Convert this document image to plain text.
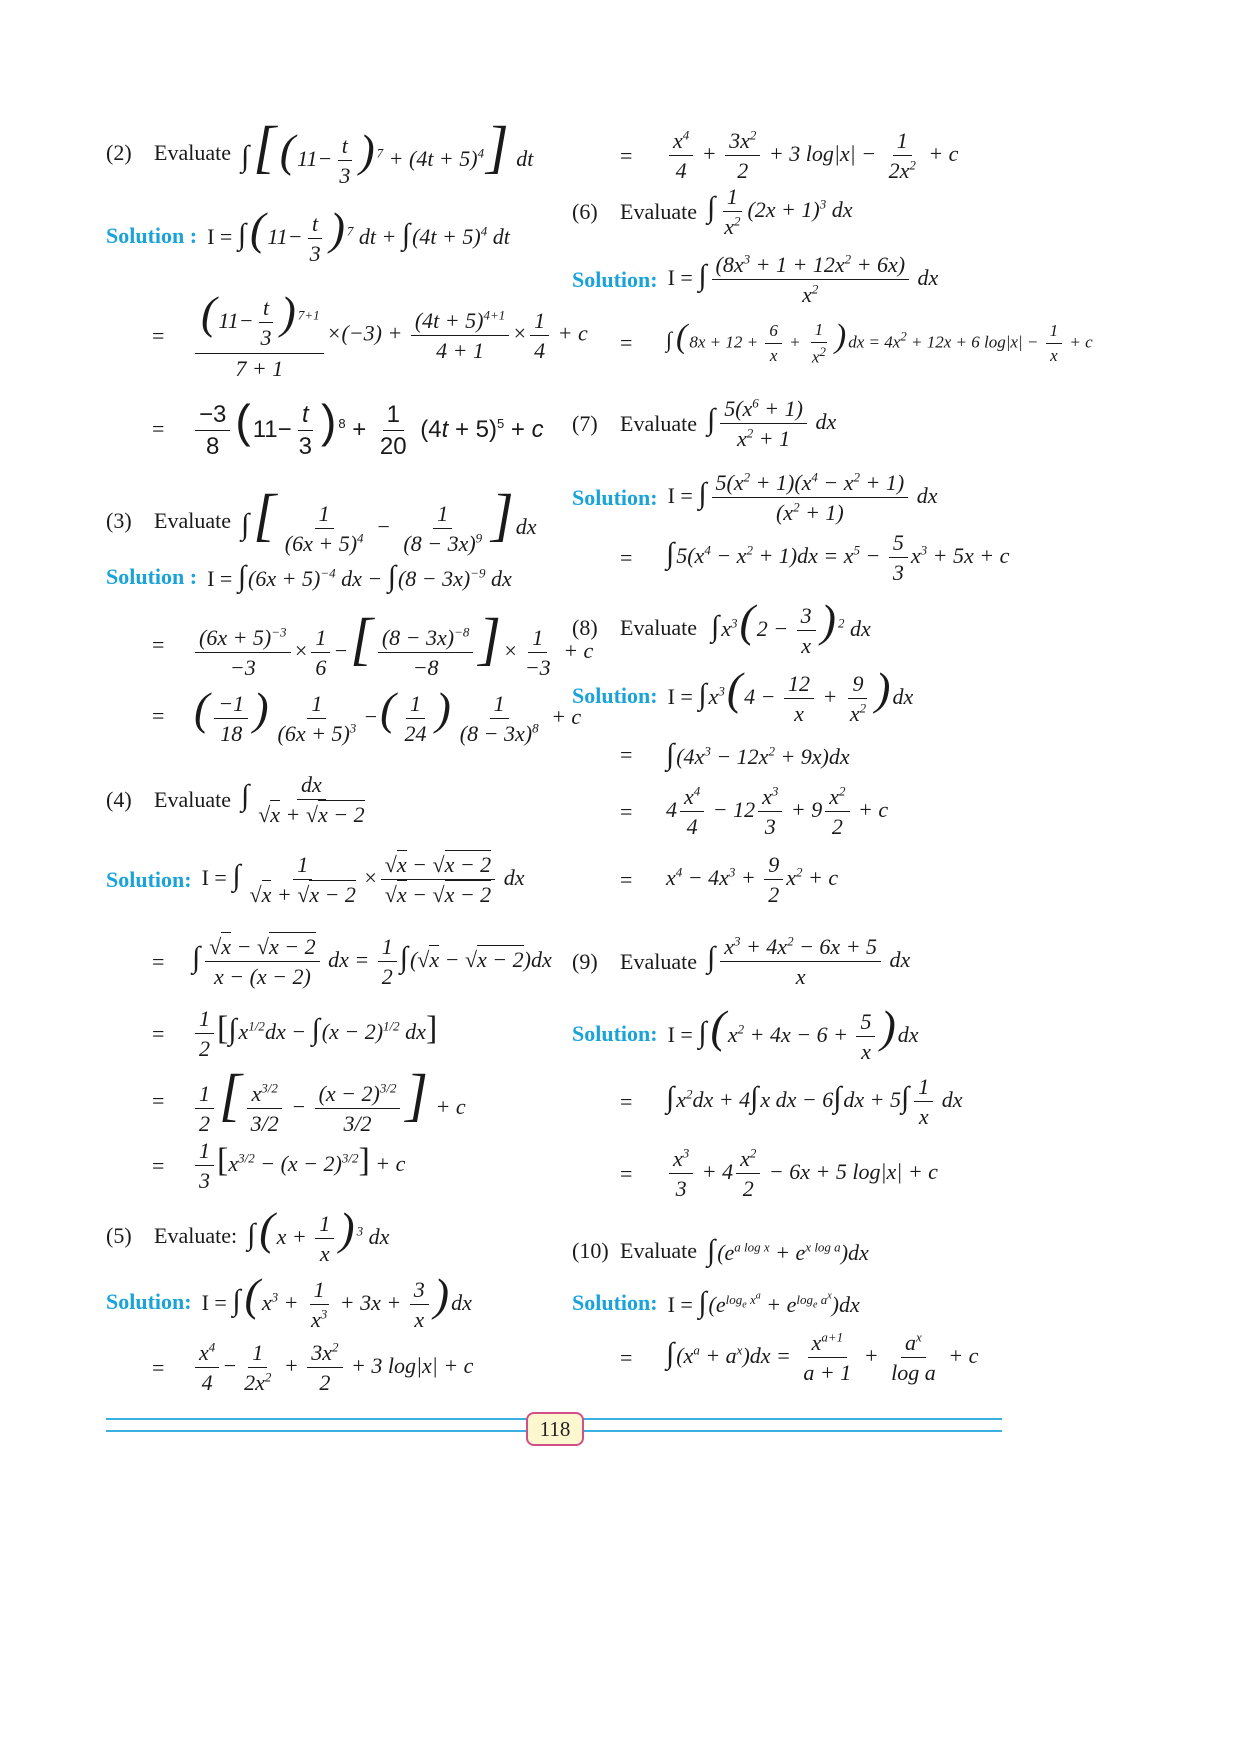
(2)	Evaluate $\int[(11- \frac{t}{3}$ ) $^7 + (4t + 5)^4$] dt
Solution : $I = \int(11- \frac{t}{3}$ ) $^7$ dt + $\int(4t + 5)^4$ dt
= $\frac{(11- \frac{t}{3} ) ^{7+1}}{7 + 1} \times(-3) + \frac{(4t + 5)^{4+1}}{4 + 1} \times \frac{1}{4} + c$
=	$\frac{-3}{8} (11- \frac{t}{3}$ ) $^8 + \frac{1}{20} (4t + 5)^5 + c$
(3)	Evaluate ∫[ $\frac{1}{(6x + 5)^4} - \frac{1}{(8 - 3x)^9} ]dx$
Solution : $I = \int(6x + 5)^{-4}$ dx − $\int(8 - 3x)^{-9}$ dx
=	$\frac{(6x + 5)^{-3}}{-3} \times \frac{1}{6}$ −[ $\frac{(8 - 3x)^{-8}}{-8}$ ]× $\frac{1}{-3} + c$
= ( $\frac{-1}{18}$ ) $\frac{1}{(6x + 5)^3}$ −( $\frac{1}{24}$ ) $\frac{1}{(8 - 3x)^8} + c$
(4)	Evaluate ∫ $\frac{dx}{√x + √x - 2}$
Solution: I = ∫ $\frac{1}{√x + √x - 2} \times \frac{√x - √x - 2}{√x - √x - 2}$ dx
= ∫ $\frac{√x - √x - 2}{x - (x - 2)}$ dx = $\frac{1}{2} \int(√x - √x - 2)dx$
=	$\frac{1}{2} [\int x^{1/2}dx - \int(x - 2)^{1/2}$ dx]
=	$\frac{1}{2}$ [ $\frac{x^{3/2}}{3/2} - \frac{(x - 2)^{3/2}}{3/2}$ ] + c
=	$\frac{1}{3} [x^{3/2} - (x - 2)^{3/2}] + c$
(5)	Evaluate: $\int(x + \frac{1}{x}$ ) $^3$ dx
Solution: $I = \int(x^3 + \frac{1}{x^3} + 3x + \frac{3}{x} )dx$
=	$\frac{x^4}{4} - \frac{1}{2x^2} + \frac{3x^2}{2} + 3$ log|x| + c
=	$\frac{x^4}{4} + \frac{3x^2}{2} + 3$ $\log|x| - \frac{1}{2x^2} + c$
(6)	Evaluate ∫ $\frac{1}{x^2} (2x + 1)^3$ dx
Solution: I = ∫ $\frac{(8x^3 + 1 + 12x^2 + 6x)}{x^2}$ dx
=	∫ ( $8x + 12 + \frac{6}{x} + \frac{1}{x^2}$ ) dx = $4x^2 + 12x + 6$ $\log|x| - \frac{1}{x} + c$
(7)	Evaluate ∫ $\frac{5(x^6 + 1)}{x^2 + 1}$ dx
Solution: I = ∫ $\frac{5(x^2 + 1)(x^4 - x^2 + 1)}{(x^2 + 1)}$ dx
=	$\int 5(x^4 - x^2 + 1)dx = x^5 - \frac{5}{3} x^3 + 5x + c$
(8)	Evaluate $\int x^3(2 - \frac{3}{x}$ ) $^2$ dx
Solution: $I = \int x^3(4 - \frac{12}{x} + \frac{9}{x^2} )dx$
=	$\int(4x^3 - 12x^2 + 9x)dx$
=	$4 \frac{x^4}{4} - 12 \frac{x^3}{3} + 9 \frac{x^2}{2} + c$
=	$x^4 - 4x^3 + \frac{9}{2} x^2 + c$
(9)	Evaluate ∫ $\frac{x^3 + 4x^2 - 6x + 5}{x}$ dx
Solution: $I = \int(x^2 + 4x - 6 + \frac{5}{x} )dx$
=	$\int x^2dx + 4\int x$ dx − $6\int dx + 5\int \frac{1}{x}$ dx
=	$\frac{x^3}{3} + 4 \frac{x^2}{2} - 6x + 5$ log|x| + c
(10) Evaluate $\int(e^{a log x} + e^{x log a})dx$
Solution: $I = \int(e^{log_e x^a} + e^{log_e a^x})dx$
=	$\int(x^a + a^x)dx = \frac{x^{a+1}}{a + 1} + \frac{a^x}{\text{log a}} + c$
118
